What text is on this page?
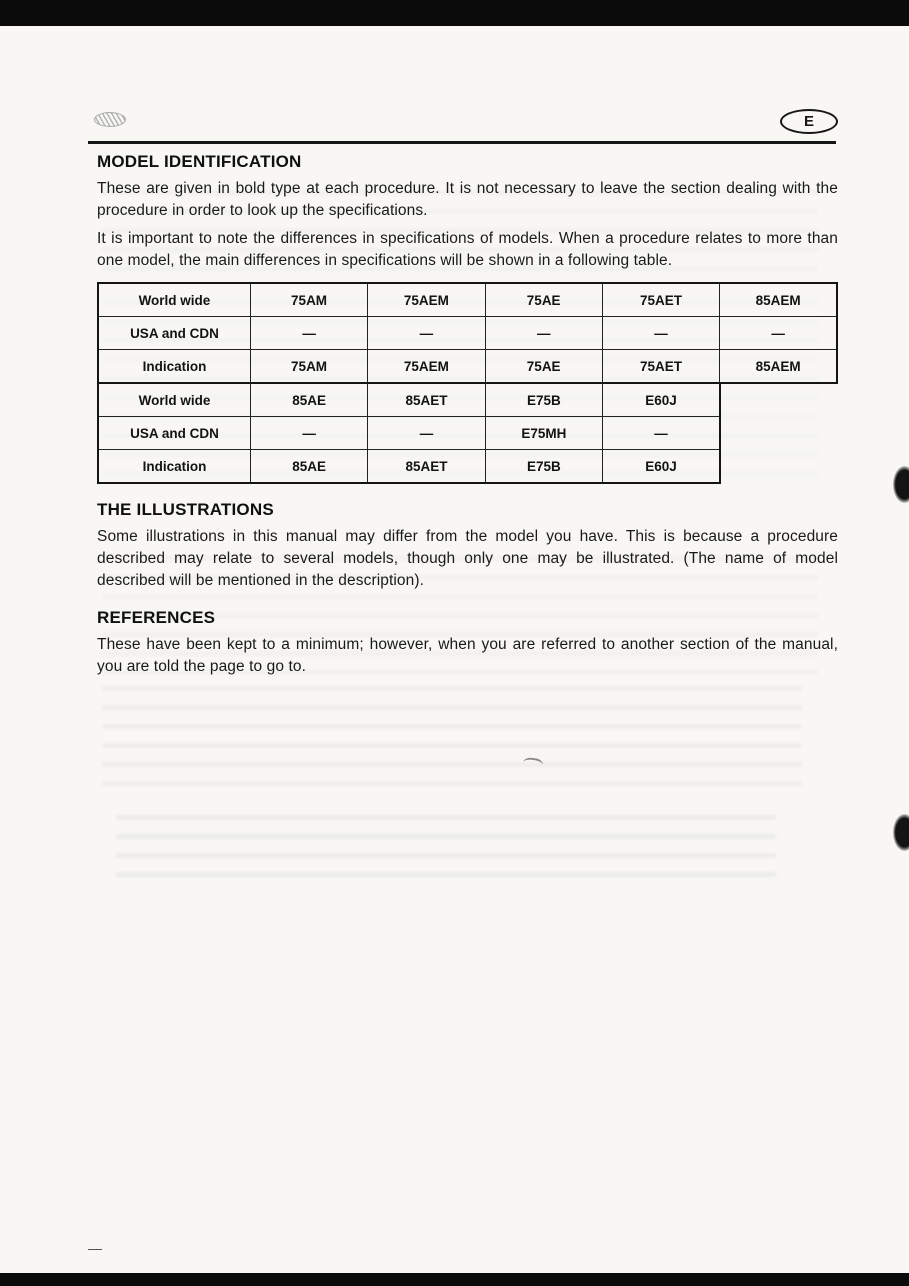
E
MODEL IDENTIFICATION

These are given in bold type at each procedure. It is not necessary to leave the section dealing with the procedure in order to look up the specifications.

It is important to note the differences in specifications of models. When a procedure relates to more than one model, the main differences in specifications will be shown in a following table.

World wide	75AM	75AEM	75AE	75AET	85AEM
USA and CDN	—	—	—	—	—
Indication	75AM	75AEM	75AE	75AET	85AEM
World wide	85AE	85AET	E75B	E60J
USA and CDN	—	—	E75MH	—
Indication	85AE	85AET	E75B	E60J
THE ILLUSTRATIONS

Some illustrations in this manual may differ from the model you have. This is because a procedure described may relate to several models, though only one may be illustrated. (The name of model described will be mentioned in the description).

REFERENCES

These have been kept to a minimum; however, when you are referred to another section of the manual, you are told the page to go to.

—
